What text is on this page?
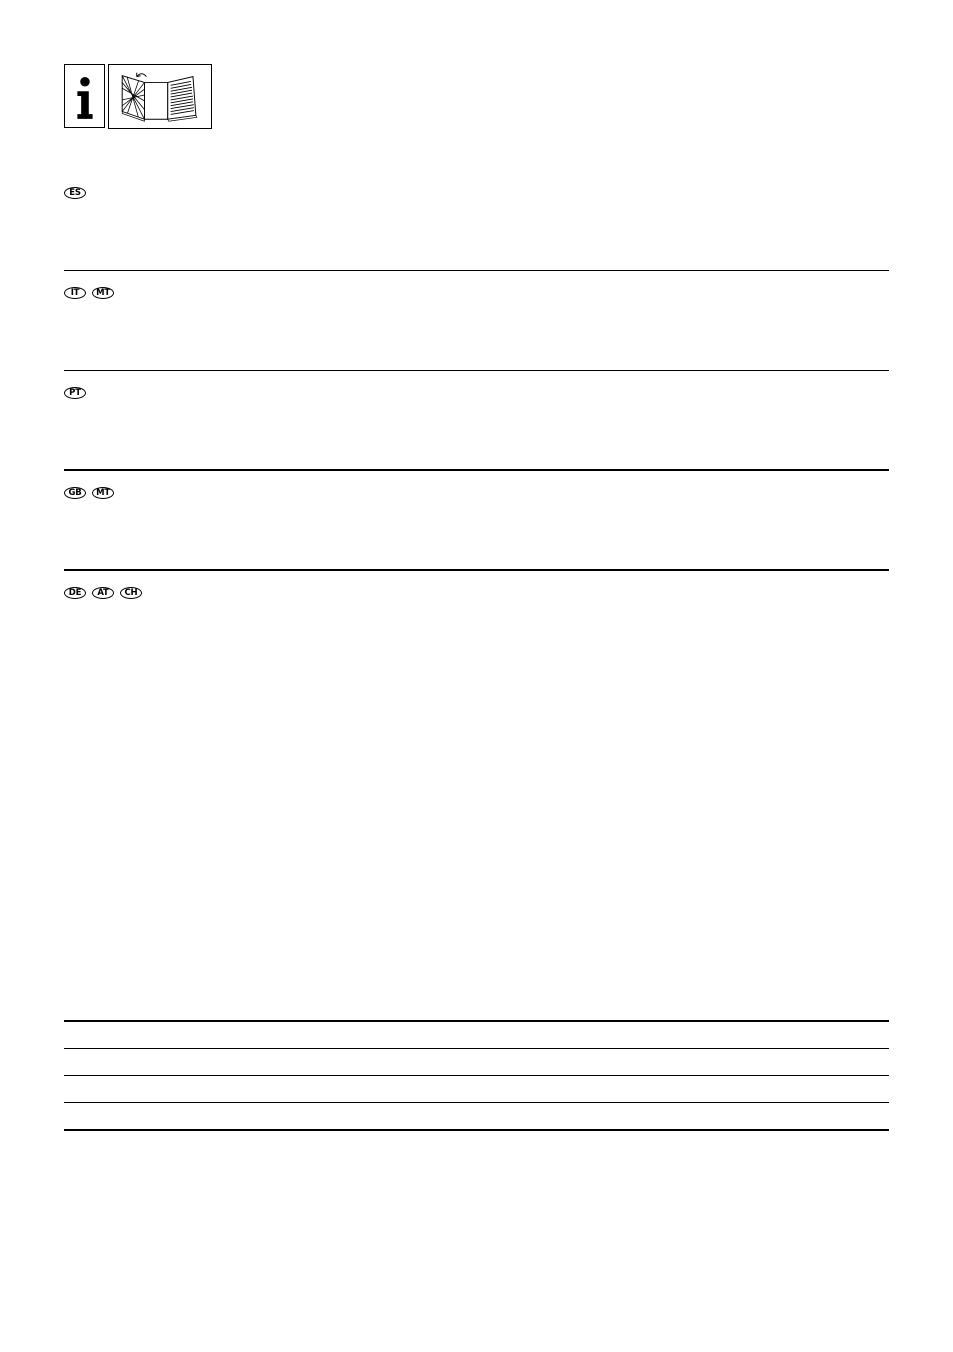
ES
IT	MT
PT
GB	MT
DE	AT	CH
